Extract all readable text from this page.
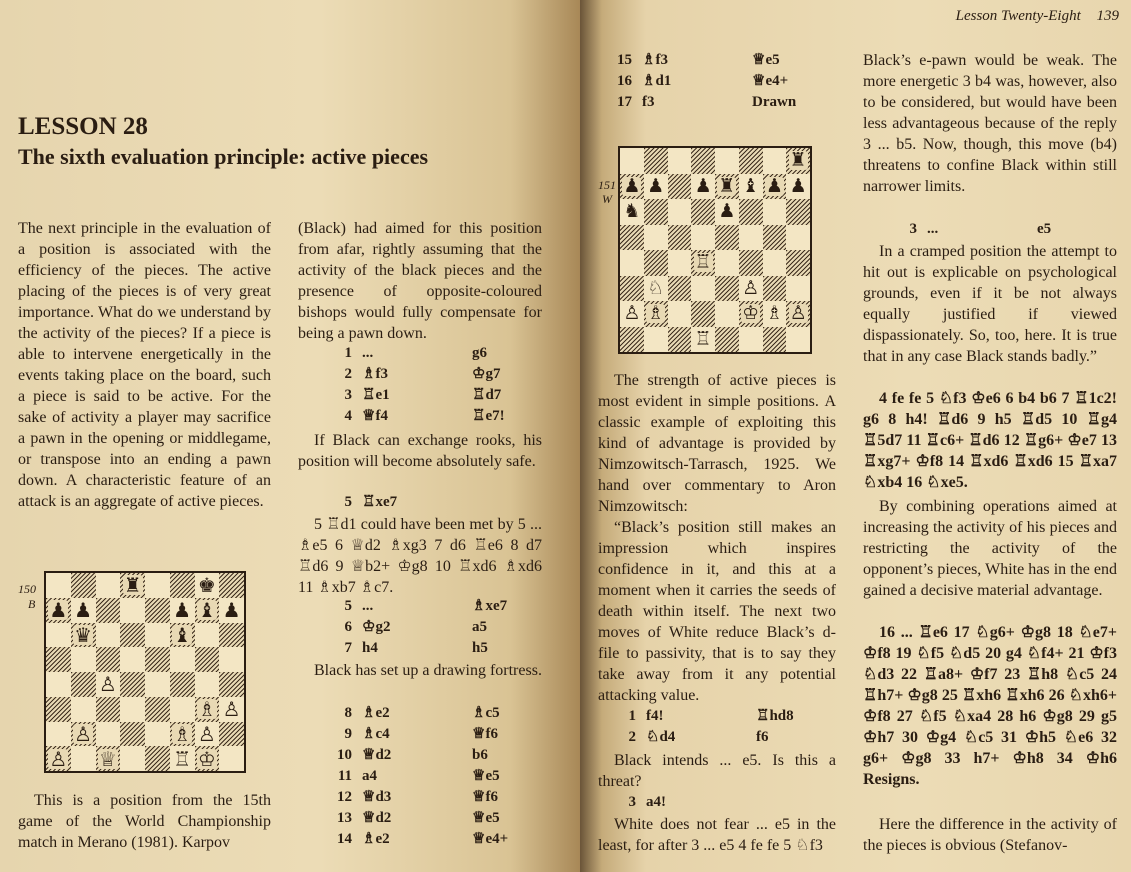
LESSON 28
The sixth evaluation principle: active pieces
The next principle in the evaluation of a position is associated with the efficiency of the pieces. The active placing of the pieces is of very great importance. What do we understand by the activity of the pieces? If a piece is able to intervene energetically in the events taking place on the board, such a piece is said to be active. For the sake of activity a player may sacrifice a pawn in the opening or middlegame, or transpose into an ending a pawn down. A characteristic feature of an attack is an aggregate of active pieces.
150
B
♜	♚
♟ ♟	♟ ♝ ♟
♛	♝
♙
♗ ♙
♙	♗ ♙
♙ ♕	♖ ♔
This is a position from the 15th game of the World Championship match in Merano (1981). Karpov
(Black) had aimed for this position from afar, rightly assuming that the activity of the black pieces and the presence of opposite-coloured bishops would fully compensate for being a pawn down.
1 ...	g6
2 ♗f3	♔g7
3 ♖e1	♖d7
4 ♕f4	♖e7!
If Black can exchange rooks, his position will become absolutely safe.
5 ♖xe7
5 ♖d1 could have been met by 5 ... ♗e5 6 ♕d2 ♗xg3 7 d6 ♖e6 8 d7 ♖d6 9 ♕b2+ ♔g8 10 ♖xd6 ♗xd6 11 ♗xb7 ♗c7.
5 ...	♗xe7
6 ♔g2	a5
7 h4	h5
Black has set up a drawing fortress.
8 ♗e2	♗c5
9 ♗c4	♕f6
10 ♕d2	b6
11 a4	♕e5
12 ♕d3	♕f6
13 ♕d2	♕e5
14 ♗e2	♕e4+
Lesson Twenty-Eight 139
15 ♗f3	♕e5
16 ♗d1	♕e4+
17 f3	Drawn
151
W
♜
♟ ♟ ♟ ♜ ♝ ♟ ♟
♞	♟
♖
♘	♙
♙ ♗	♔ ♗ ♙
♖
The strength of active pieces is most evident in simple positions. A classic example of exploiting this kind of advantage is provided by Nimzowitsch-Tarrasch, 1925. We hand over commentary to Aron Nimzowitsch:
“Black’s position still makes an impression which inspires confidence in it, and this at a moment when it carries the seeds of death within itself. The next two moves of White reduce Black’s d-file to passivity, that is to say they take away from it any potential attacking value.
1 f4!	♖hd8
2 ♘d4	f6
Black intends ... e5. Is this a threat?
3 a4!
White does not fear ... e5 in the least, for after 3 ... e5 4 fe fe 5 ♘f3
Black’s e-pawn would be weak. The more energetic 3 b4 was, however, also to be considered, but would have been less advantageous because of the reply 3 ... b5. Now, though, this move (b4) threatens to confine Black within still narrower limits.
3 ...	e5
In a cramped position the attempt to hit out is explicable on psychological grounds, even if it be not always equally justified if viewed dispassionately. So, too, here. It is true that in any case Black stands badly.”
4 fe fe 5 ♘f3 ♔e6 6 b4 b6 7 ♖1c2! g6 8 h4! ♖d6 9 h5 ♖d5 10 ♖g4 ♖5d7 11 ♖c6+ ♖d6 12 ♖g6+ ♔e7 13 ♖xg7+ ♔f8 14 ♖xd6 ♖xd6 15 ♖xa7 ♘xb4 16 ♘xe5.
By combining operations aimed at increasing the activity of his pieces and restricting the activity of the opponent’s pieces, White has in the end gained a decisive material advantage.
16 ... ♖e6 17 ♘g6+ ♔g8 18 ♘e7+ ♔f8 19 ♘f5 ♘d5 20 g4 ♘f4+ 21 ♔f3 ♘d3 22 ♖a8+ ♔f7 23 ♖h8 ♘c5 24 ♖h7+ ♔g8 25 ♖xh6 ♖xh6 26 ♘xh6+ ♔f8 27 ♘f5 ♘xa4 28 h6 ♔g8 29 g5 ♔h7 30 ♔g4 ♘c5 31 ♔h5 ♘e6 32 g6+ ♔g8 33 h7+ ♔h8 34 ♔h6 Resigns.
Here the difference in the activity of the pieces is obvious (Stefanov-
